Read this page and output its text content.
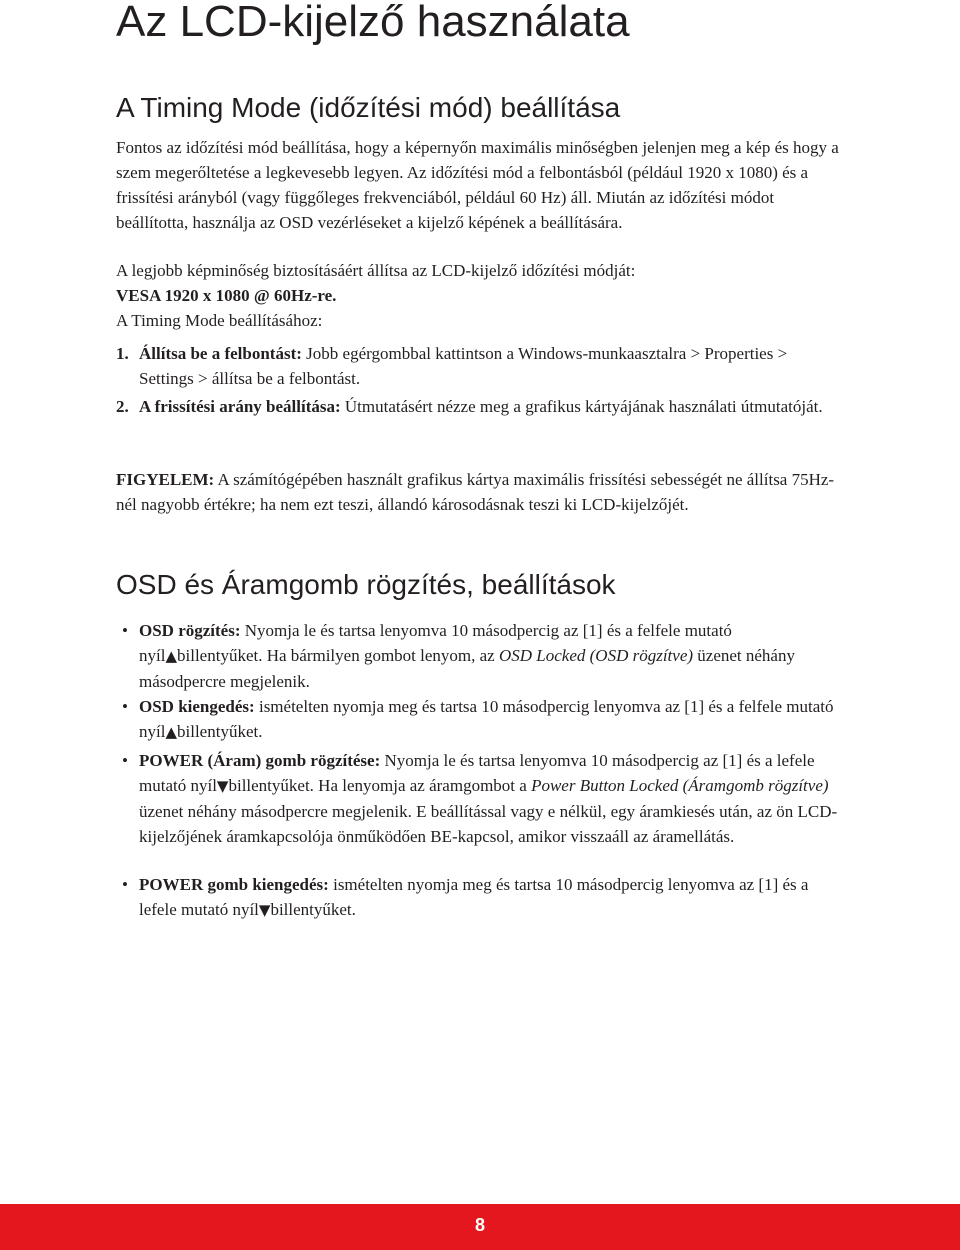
Az LCD-kijelző használata
A Timing Mode (időzítési mód) beállítása

Fontos az időzítési mód beállítása, hogy a képernyőn maximális minőségben jelenjen meg a kép és hogy a szem megerőltetése a legkevesebb legyen. Az időzítési mód a felbontásból (például 1920 x 1080) és a frissítési arányból (vagy függőleges frekvenciából, például 60 Hz) áll. Miután az időzítési módot beállította, használja az OSD vezérléseket a kijelző képének a beállítására.

A legjobb képminőség biztosításáért állítsa az LCD-kijelző időzítési módját:

VESA 1920 x 1080 @ 60Hz-re.

A Timing Mode beállításához:

1. Állítsa be a felbontást: Jobb egérgombbal kattintson a Windows-munkaasztalra > Properties > Settings > állítsa be a felbontást.
2. A frissítési arány beállítása: Útmutatásért nézze meg a grafikus kártyájának használati útmutatóját.

FIGYELEM: A számítógépében használt grafikus kártya maximális frissítési sebességét ne állítsa 75Hz-nél nagyobb értékre; ha nem ezt teszi, állandó károsodásnak teszi ki LCD-kijelzőjét.

OSD és Áramgomb rögzítés, beállítások
• OSD rögzítés: Nyomja le és tartsa lenyomva 10 másodpercig az [1] és a felfele mutató nyíl▲billentyűket. Ha bármilyen gombot lenyom, az OSD Locked (OSD rögzítve) üzenet néhány másodpercre megjelenik.
• OSD kiengedés: ismételten nyomja meg és tartsa 10 másodpercig lenyomva az [1] és a felfele mutató nyíl▲billentyűket.
• POWER (Áram) gomb rögzítése: Nyomja le és tartsa lenyomva 10 másodpercig az [1] és a lefele mutató nyíl▼billentyűket. Ha lenyomja az áramgombot a Power Button Locked (Áramgomb rögzítve) üzenet néhány másodpercre megjelenik. E beállítással vagy e nélkül, egy áramkiesés után, az ön LCD-kijelzőjének áramkapcsolója önműködően BE-kapcsol, amikor visszaáll az áramellátás.
• POWER gomb kiengedés: ismételten nyomja meg és tartsa 10 másodpercig lenyomva az [1] és a lefele mutató nyíl▼billentyűket.
8
